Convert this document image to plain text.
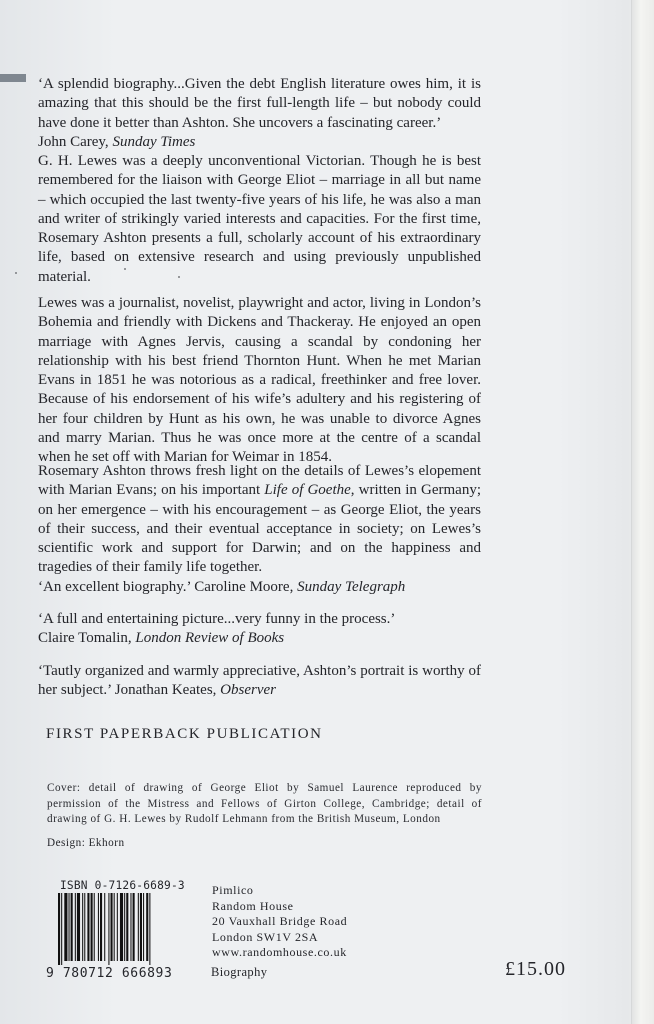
‘A splendid biography...Given the debt English literature owes him, it is amazing that this should be the first full-length life – but nobody could have done it better than Ashton. She uncovers a fascinating career.’
John Carey, Sunday Times

G. H. Lewes was a deeply unconventional Victorian. Though he is best remembered for the liaison with George Eliot – marriage in all but name – which occupied the last twenty-five years of his life, he was also a man and writer of strikingly varied interests and capacities. For the first time, Rosemary Ashton presents a full, scholarly account of his extraordinary life, based on extensive research and using previously unpublished material.

Lewes was a journalist, novelist, playwright and actor, living in London’s Bohemia and friendly with Dickens and Thackeray. He enjoyed an open marriage with Agnes Jervis, causing a scandal by condoning her relationship with his best friend Thornton Hunt. When he met Marian Evans in 1851 he was notorious as a radical, freethinker and free lover. Because of his endorsement of his wife’s adultery and his registering of her four children by Hunt as his own, he was unable to divorce Agnes and marry Marian. Thus he was once more at the centre of a scandal when he set off with Marian for Weimar in 1854.

Rosemary Ashton throws fresh light on the details of Lewes’s elopement with Marian Evans; on his important Life of Goethe, written in Germany; on her emergence – with his encouragement – as George Eliot, the years of their success, and their eventual acceptance in society; on Lewes’s scientific work and support for Darwin; and on the happiness and tragedies of their family life together.

‘An excellent biography.’ Caroline Moore, Sunday Telegraph

‘A full and entertaining picture...very funny in the process.’
Claire Tomalin, London Review of Books

‘Tautly organized and warmly appreciative, Ashton’s portrait is worthy of her subject.’ Jonathan Keates, Observer

FIRST PAPERBACK PUBLICATION

Cover: detail of drawing of George Eliot by Samuel Laurence reproduced by permission of the Mistress and Fellows of Girton College, Cambridge; detail of drawing of G. H. Lewes by Rudolf Lehmann from the British Museum, London

Design: Ekhorn

ISBN 0-7126-6689-3

9 780712 666893

Pimlico
Random House
20 Vauxhall Bridge Road
London SW1V 2SA
www.randomhouse.co.uk

Biography	£15.00
